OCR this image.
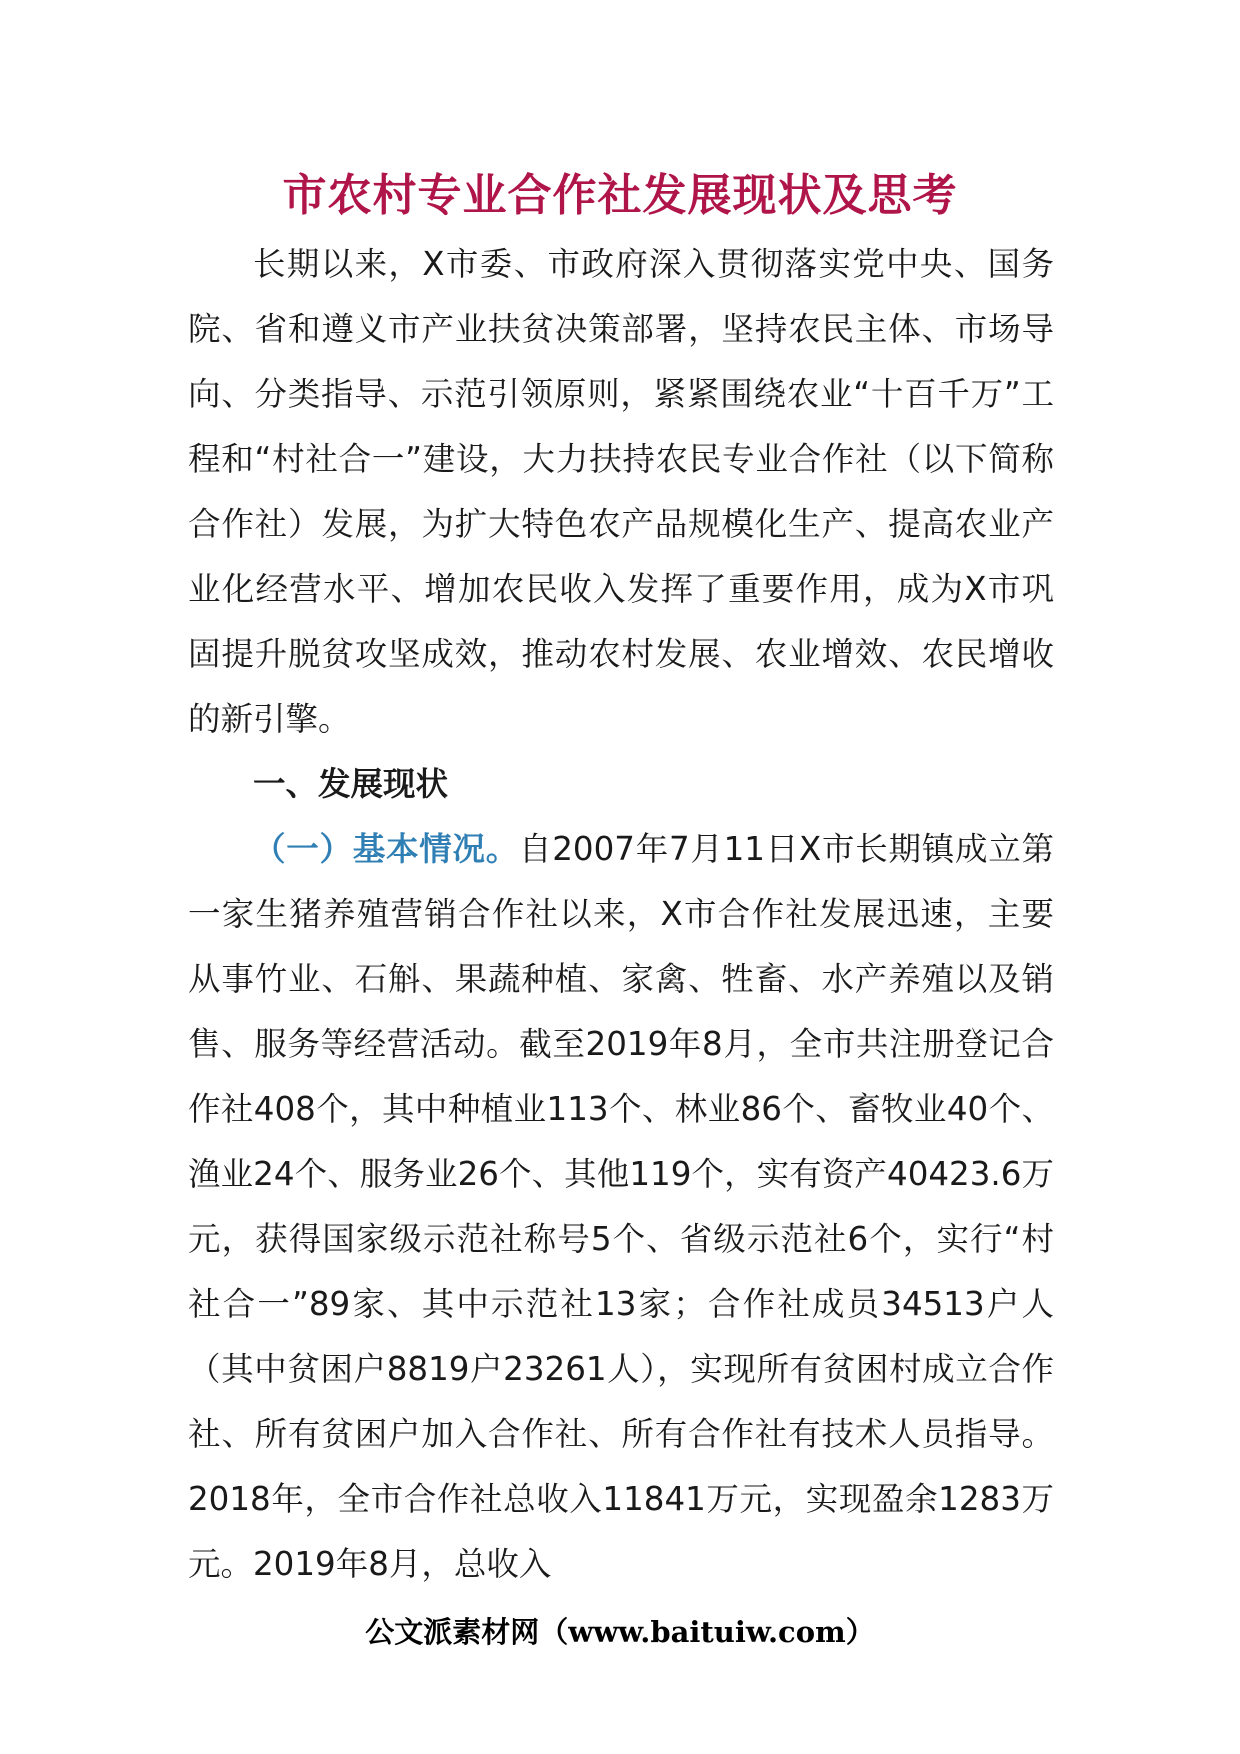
市农村专业合作社发展现状及思考

长期以来，X市委、市政府深入贯彻落实党中央、国务院、省和遵义市产业扶贫决策部署，坚持农民主体、市场导向、分类指导、示范引领原则，紧紧围绕农业“十百千万”工程和“村社合一”建设，大力扶持农民专业合作社（以下简称合作社）发展，为扩大特色农产品规模化生产、提高农业产业化经营水平、增加农民收入发挥了重要作用，成为X市巩固提升脱贫攻坚成效，推动农村发展、农业增效、农民增收的新引擎。

一、发展现状

（一）基本情况。自2007年7月11日X市长期镇成立第一家生猪养殖营销合作社以来，X市合作社发展迅速，主要从事竹业、石斛、果蔬种植、家禽、牲畜、水产养殖以及销售、服务等经营活动。截至2019年8月，全市共注册登记合作社408个，其中种植业113个、林业86个、畜牧业40个、渔业24个、服务业26个、其他119个，实有资产40423.6万元，获得国家级示范社称号5个、省级示范社6个，实行“村社合一”89家、其中示范社13家；合作社成员34513户人（其中贫困户8819户23261人），实现所有贫困村成立合作社、所有贫困户加入合作社、所有合作社有技术人员指导。2018年，全市合作社总收入11841万元，实现盈余1283万元。2019年8月，总收入

公文派素材网（www.baituiw.com）
